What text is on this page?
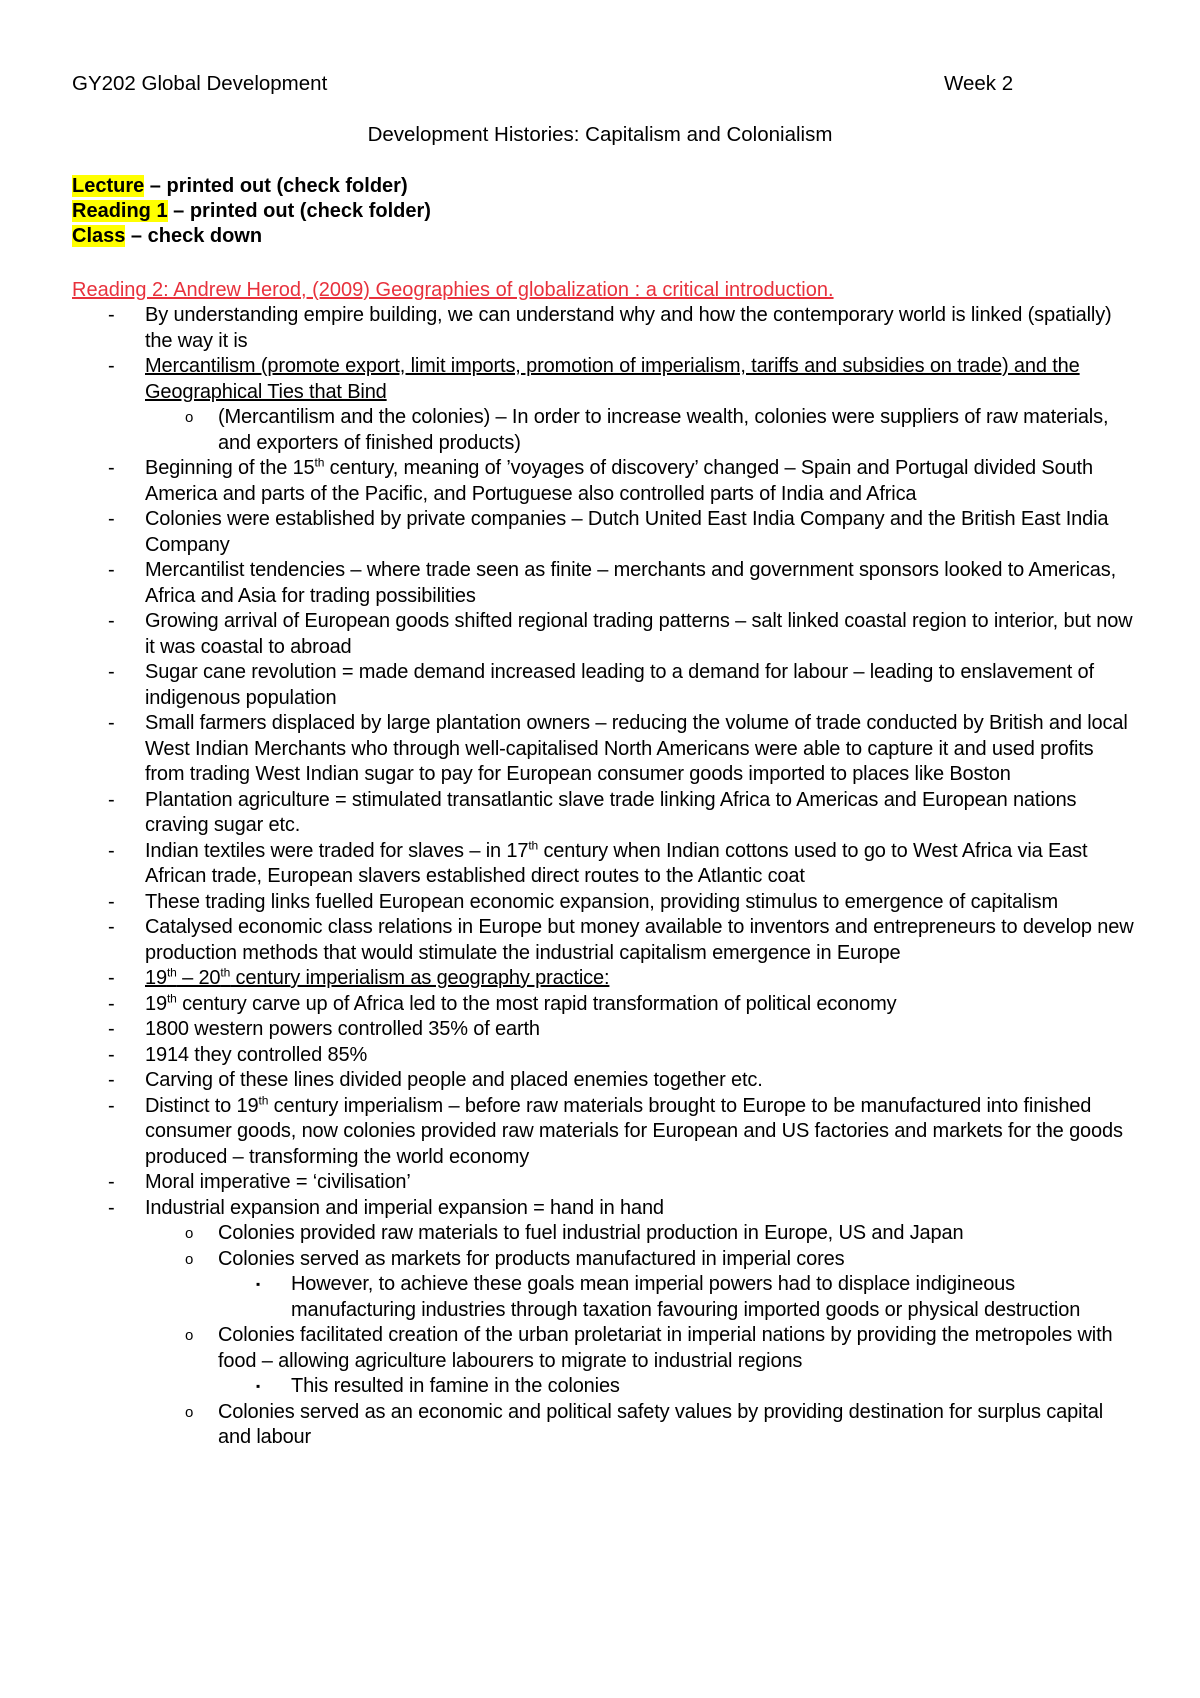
GY202 Global Development	Week 2
Development Histories: Capitalism and Colonialism
Lecture – printed out (check folder)
Reading 1 – printed out (check folder)
Class – check down
Reading 2: Andrew Herod, (2009) Geographies of globalization : a critical introduction.
- By understanding empire building, we can understand why and how the contemporary world is linked (spatially) the way it is
- Mercantilism (promote export, limit imports, promotion of imperialism, tariffs and subsidies on trade) and the Geographical Ties that Bind
o (Mercantilism and the colonies) – In order to increase wealth, colonies were suppliers of raw materials, and exporters of finished products)
- Beginning of the 15th century, meaning of ’voyages of discovery’ changed – Spain and Portugal divided South America and parts of the Pacific, and Portuguese also controlled parts of India and Africa
- Colonies were established by private companies – Dutch United East India Company and the British East India Company
- Mercantilist tendencies – where trade seen as finite – merchants and government sponsors looked to Americas, Africa and Asia for trading possibilities
- Growing arrival of European goods shifted regional trading patterns – salt linked coastal region to interior, but now it was coastal to abroad
- Sugar cane revolution = made demand increased leading to a demand for labour – leading to enslavement of indigenous population
- Small farmers displaced by large plantation owners – reducing the volume of trade conducted by British and local West Indian Merchants who through well-capitalised North Americans were able to capture it and used profits from trading West Indian sugar to pay for European consumer goods imported to places like Boston
- Plantation agriculture = stimulated transatlantic slave trade linking Africa to Americas and European nations craving sugar etc.
- Indian textiles were traded for slaves – in 17th century when Indian cottons used to go to West Africa via East African trade, European slavers established direct routes to the Atlantic coat
- These trading links fuelled European economic expansion, providing stimulus to emergence of capitalism
- Catalysed economic class relations in Europe but money available to inventors and entrepreneurs to develop new production methods that would stimulate the industrial capitalism emergence in Europe
- 19th – 20th century imperialism as geography practice:
- 19th century carve up of Africa led to the most rapid transformation of political economy
- 1800 western powers controlled 35% of earth
- 1914 they controlled 85%
- Carving of these lines divided people and placed enemies together etc.
- Distinct to 19th century imperialism – before raw materials brought to Europe to be manufactured into finished consumer goods, now colonies provided raw materials for European and US factories and markets for the goods produced – transforming the world economy
- Moral imperative = ‘civilisation’
- Industrial expansion and imperial expansion = hand in hand
o Colonies provided raw materials to fuel industrial production in Europe, US and Japan
o Colonies served as markets for products manufactured in imperial cores
▪ However, to achieve these goals mean imperial powers had to displace indigineous manufacturing industries through taxation favouring imported goods or physical destruction
o Colonies facilitated creation of the urban proletariat in imperial nations by providing the metropoles with food – allowing agriculture labourers to migrate to industrial regions
▪ This resulted in famine in the colonies
o Colonies served as an economic and political safety values by providing destination for surplus capital and labour
